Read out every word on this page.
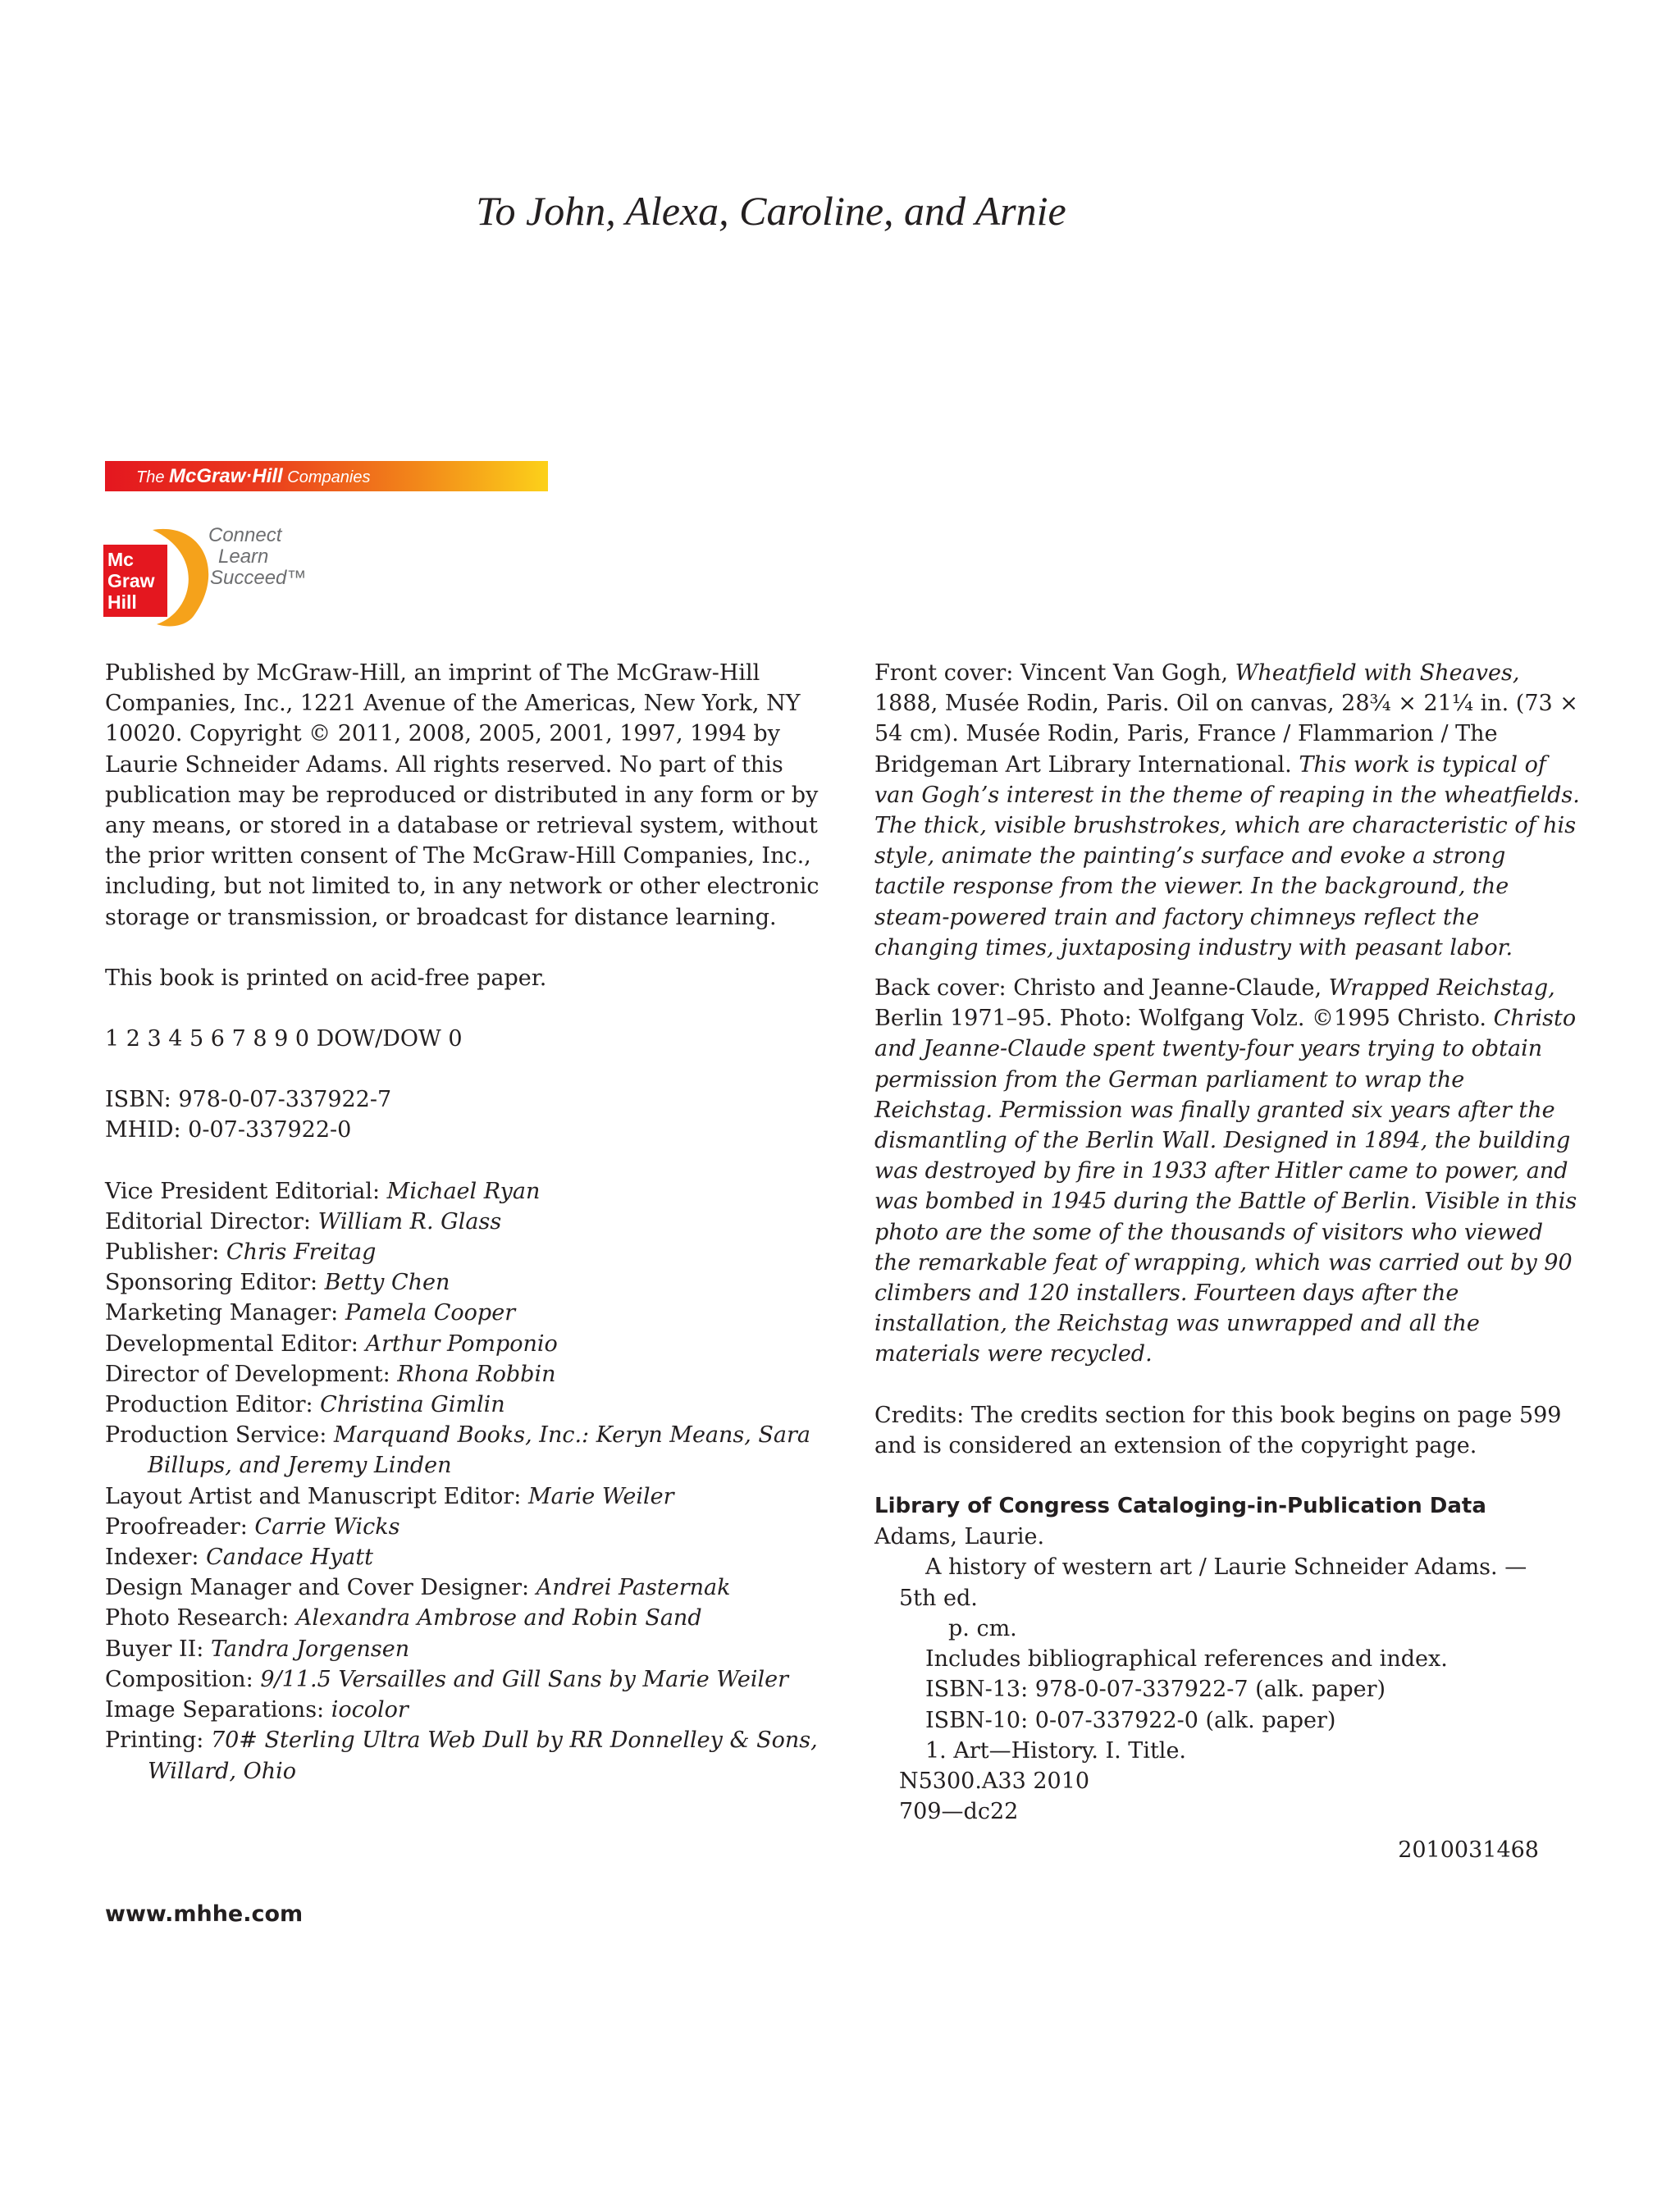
To John, Alexa, Caroline, and Arnie
The McGraw·Hill Companies
Mc
Graw
Hill
Connect
Learn
Succeed™

Published by McGraw-Hill, an imprint of The McGraw-Hill Companies, Inc., 1221 Avenue of the Americas, New York, NY 10020. Copyright © 2011, 2008, 2005, 2001, 1997, 1994 by Laurie Schneider Adams. All rights reserved. No part of this publication may be reproduced or distributed in any form or by any means, or stored in a database or retrieval system, without the prior written consent of The McGraw-Hill Companies, Inc., including, but not limited to, in any network or other electronic storage or transmission, or broadcast for distance learning.

This book is printed on acid-free paper.

1 2 3 4 5 6 7 8 9 0 DOW/DOW 0

ISBN: 978-0-07-337922-7

MHID: 0-07-337922-0

Vice President Editorial: Michael Ryan

Editorial Director: William R. Glass

Publisher: Chris Freitag

Sponsoring Editor: Betty Chen

Marketing Manager: Pamela Cooper

Developmental Editor: Arthur Pomponio

Director of Development: Rhona Robbin

Production Editor: Christina Gimlin

Production Service: Marquand Books, Inc.: Keryn Means, Sara Billups, and Jeremy Linden

Layout Artist and Manuscript Editor: Marie Weiler

Proofreader: Carrie Wicks

Indexer: Candace Hyatt

Design Manager and Cover Designer: Andrei Pasternak

Photo Research: Alexandra Ambrose and Robin Sand

Buyer II: Tandra Jorgensen

Composition: 9/11.5 Versailles and Gill Sans by Marie Weiler

Image Separations: iocolor

Printing: 70# Sterling Ultra Web Dull by RR Donnelley & Sons, Willard, Ohio

www.mhhe.com

Front cover: Vincent Van Gogh, Wheatfield with Sheaves, 1888, Musée Rodin, Paris. Oil on canvas, 28¾ × 21¼ in. (73 × 54 cm). Musée Rodin, Paris, France / Flammarion / The Bridgeman Art Library International. This work is typical of van Gogh’s interest in the theme of reaping in the wheatfields. The thick, visible brushstrokes, which are characteristic of his style, animate the painting’s surface and evoke a strong tactile response from the viewer. In the background, the steam-powered train and factory chimneys reflect the changing times, juxtaposing industry with peasant labor.

Back cover: Christo and Jeanne-Claude, Wrapped Reichstag, Berlin 1971–95. Photo: Wolfgang Volz. ©1995 Christo. Christo and Jeanne-Claude spent twenty-four years trying to obtain permission from the German parliament to wrap the Reichstag. Permission was finally granted six years after the dismantling of the Berlin Wall. Designed in 1894, the building was destroyed by fire in 1933 after Hitler came to power, and was bombed in 1945 during the Battle of Berlin. Visible in this photo are the some of the thousands of visitors who viewed the remarkable feat of wrapping, which was carried out by 90 climbers and 120 installers. Fourteen days after the installation, the Reichstag was unwrapped and all the materials were recycled.

Credits: The credits section for this book begins on page 599 and is considered an extension of the copyright page.

Library of Congress Cataloging-in-Publication Data

Adams, Laurie.

A history of western art / Laurie Schneider Adams. —

5th ed.

p. cm.

Includes bibliographical references and index.

ISBN-13: 978-0-07-337922-7 (alk. paper)

ISBN-10: 0-07-337922-0 (alk. paper)

1. Art—History. I. Title.

N5300.A33 2010

709—dc22

2010031468
